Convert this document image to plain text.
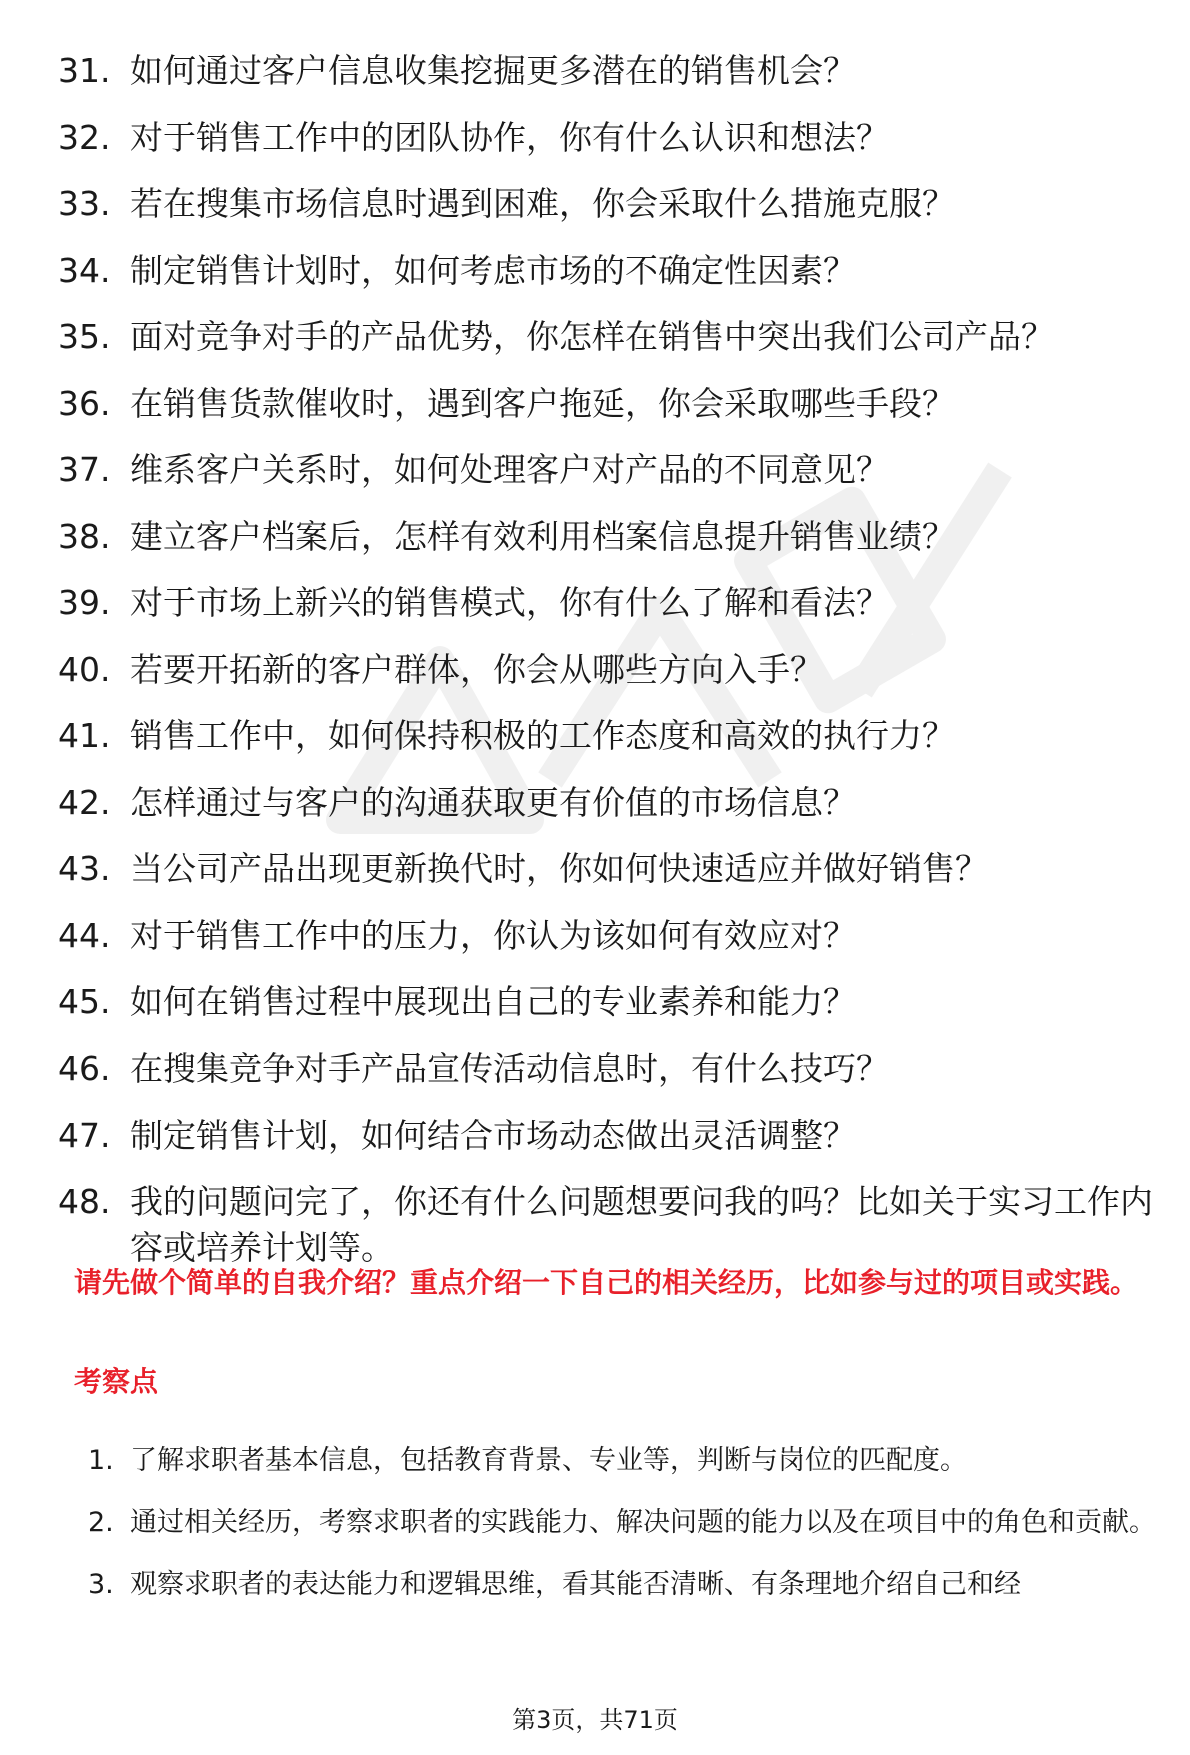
31. 如何通过客户信息收集挖掘更多潜在的销售机会？
32. 对于销售工作中的团队协作，你有什么认识和想法？
33. 若在搜集市场信息时遇到困难，你会采取什么措施克服？
34. 制定销售计划时，如何考虑市场的不确定性因素？
35. 面对竞争对手的产品优势，你怎样在销售中突出我们公司产品？
36. 在销售货款催收时，遇到客户拖延，你会采取哪些手段？
37. 维系客户关系时，如何处理客户对产品的不同意见？
38. 建立客户档案后，怎样有效利用档案信息提升销售业绩？
39. 对于市场上新兴的销售模式，你有什么了解和看法？
40. 若要开拓新的客户群体，你会从哪些方向入手？
41. 销售工作中，如何保持积极的工作态度和高效的执行力？
42. 怎样通过与客户的沟通获取更有价值的市场信息？
43. 当公司产品出现更新换代时，你如何快速适应并做好销售？
44. 对于销售工作中的压力，你认为该如何有效应对？
45. 如何在销售过程中展现出自己的专业素养和能力？
46. 在搜集竞争对手产品宣传活动信息时，有什么技巧？
47. 制定销售计划，如何结合市场动态做出灵活调整？
48. 我的问题问完了，你还有什么问题想要问我的吗？比如关于实习工作内容或培养计划等。
请先做个简单的自我介绍？重点介绍一下自己的相关经历，比如参与过的项目或实践。
考察点
1. 了解求职者基本信息，包括教育背景、专业等，判断与岗位的匹配度。
2. 通过相关经历，考察求职者的实践能力、解决问题的能力以及在项目中的角色和贡献。
3. 观察求职者的表达能力和逻辑思维，看其能否清晰、有条理地介绍自己和经
第3页，共71页
